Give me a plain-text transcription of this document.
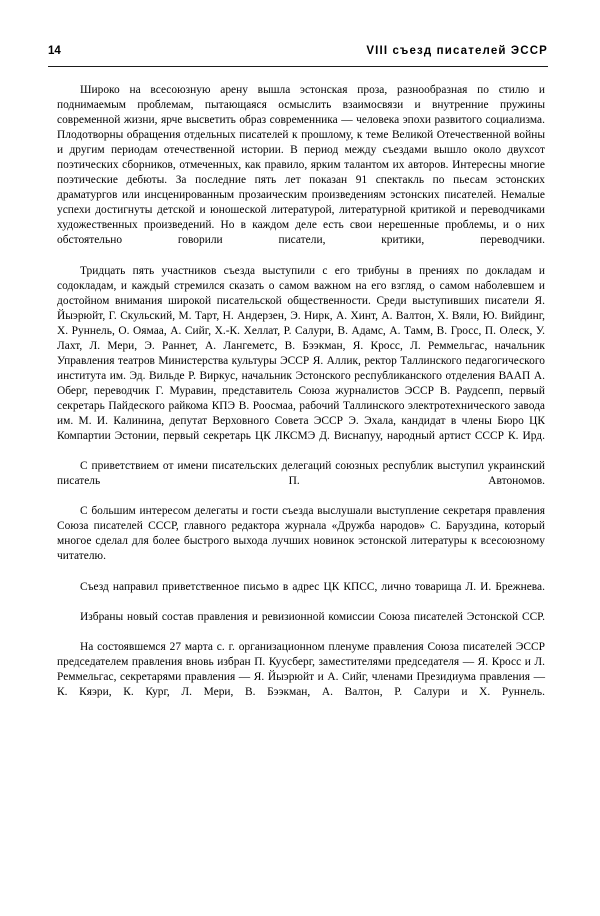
14	VIII съезд писателей ЭССР

Широко на всесоюзную арену вышла эстонская проза, разнообразная по стилю и поднимаемым проблемам, пытающаяся осмыслить взаимосвязи и внутренние пружины современной жизни, ярче высветить образ современника — человека эпохи развитого социализма. Плодотворны обращения отдельных писателей к прошлому, к теме Великой Отечественной войны и другим периодам отечественной истории. В период между съездами вышло около двухсот поэтических сборников, отмеченных, как правило, ярким талантом их авторов. Интересны многие поэтические дебюты. За последние пять лет показан 91 спектакль по пьесам эстонских драматургов или инсценированным прозаическим произведениям эстонских писателей. Немалые успехи достигнуты детской и юношеской литературой, литературной критикой и переводчиками художественных произведений. Но в каждом деле есть свои нерешенные проблемы, и о них обстоятельно говорили писатели, критики, переводчики.

Тридцать пять участников съезда выступили с его трибуны в прениях по докладам и содокладам, и каждый стремился сказать о самом важном на его взгляд, о самом наболевшем и достойном внимания широкой писательской общественности. Среди выступивших писатели Я. Йыэрюйт, Г. Скульский, М. Тарт, Н. Андерзен, Э. Нирк, А. Хинт, А. Валтон, Х. Вяли, Ю. Вийдинг, Х. Руннель, О. Оямаа, А. Сийг, Х.-К. Хеллат, Р. Салури, В. Адамс, А. Тамм, В. Гросс, П. Олеск, У. Лахт, Л. Мери, Э. Раннет, А. Лангеметс, В. Бээкман, Я. Кросс, Л. Реммельгас, начальник Управления театров Министерства культуры ЭССР Я. Аллик, ректор Таллинского педагогического института им. Эд. Вильде Р. Виркус, начальник Эстонского республиканского отделения ВААП А. Оберг, переводчик Г. Муравин, представитель Союза журналистов ЭССР В. Раудсепп, первый секретарь Пайдеского райкома КПЭ В. Роосмаа, рабочий Таллинского электротехнического завода им. М. И. Калинина, депутат Верховного Совета ЭССР Э. Эхала, кандидат в члены Бюро ЦК Компартии Эстонии, первый секретарь ЦК ЛКСМЭ Д. Виснапуу, народный артист СССР К. Ирд.

С приветствием от имени писательских делегаций союзных республик выступил украинский писатель П. Автономов.

С большим интересом делегаты и гости съезда выслушали выступление секретаря правления Союза писателей СССР, главного редактора журнала «Дружба народов» С. Баруздина, который многое сделал для более быстрого выхода лучших новинок эстонской литературы к всесоюзному читателю.

Съезд направил приветственное письмо в адрес ЦК КПСС, лично товарища Л. И. Брежнева.

Избраны новый состав правления и ревизионной комиссии Союза писателей Эстонской ССР.

На состоявшемся 27 марта с. г. организационном пленуме правления Союза писателей ЭССР председателем правления вновь избран П. Куусберг, заместителями председателя — Я. Кросс и Л. Реммельгас, секретарями правления — Я. Йыэрюйт и А. Сийг, членами Президиума правления — К. Кяэри, К. Кург, Л. Мери, В. Бээкман, А. Валтон, Р. Салури и Х. Руннель.
